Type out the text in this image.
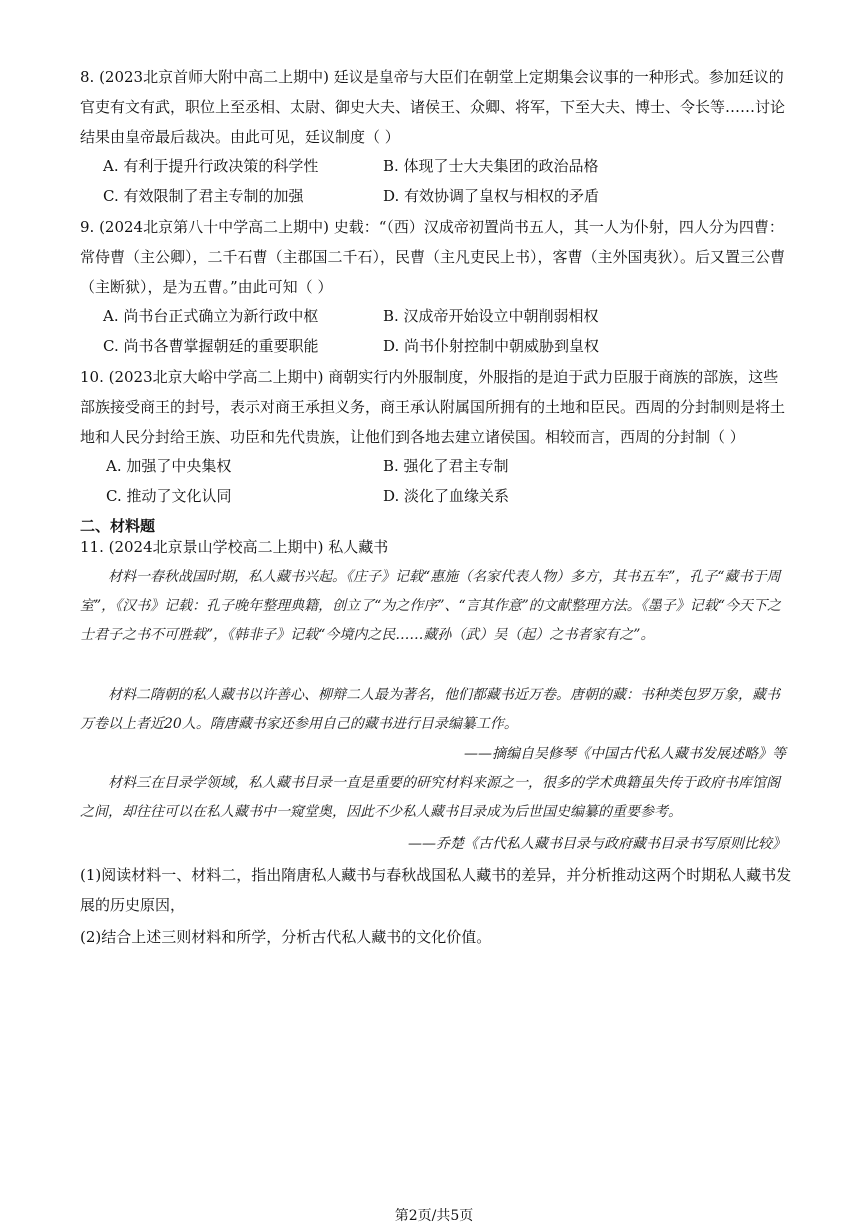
8. (2023北京首师大附中高二上期中) 廷议是皇帝与大臣们在朝堂上定期集会议事的一种形式。参加廷议的官吏有文有武，职位上至丞相、太尉、御史大夫、诸侯王、众卿、将军，下至大夫、博士、令长等……讨论结果由皇帝最后裁决。由此可见，廷议制度（ ）

A. 有利于提升行政决策的科学性	B. 体现了士大夫集团的政治品格
C. 有效限制了君主专制的加强	D. 有效协调了皇权与相权的矛盾

9. (2024北京第八十中学高二上期中) 史载：“（西）汉成帝初置尚书五人，其一人为仆射，四人分为四曹：常侍曹（主公卿），二千石曹（主郡国二千石），民曹（主凡吏民上书），客曹（主外国夷狄）。后又置三公曹（主断狱），是为五曹。”由此可知（ ）

A. 尚书台正式确立为新行政中枢	B. 汉成帝开始设立中朝削弱相权
C. 尚书各曹掌握朝廷的重要职能	D. 尚书仆射控制中朝威胁到皇权

10. (2023北京大峪中学高二上期中) 商朝实行内外服制度，外服指的是迫于武力臣服于商族的部族，这些部族接受商王的封号，表示对商王承担义务，商王承认附属国所拥有的土地和臣民。西周的分封制则是将土地和人民分封给王族、功臣和先代贵族，让他们到各地去建立诸侯国。相较而言，西周的分封制（ ）

A. 加强了中央集权	B. 强化了君主专制
C. 推动了文化认同	D. 淡化了血缘关系
二、材料题

11. (2024北京景山学校高二上期中) 私人藏书

材料一春秋战国时期，私人藏书兴起。《庄子》记载“惠施（名家代表人物）多方，其书五车”，孔子“藏书于周室”，《汉书》记载：孔子晚年整理典籍，创立了“为之作序”、“言其作意”的文献整理方法。《墨子》记载“今天下之士君子之书不可胜载”，《韩非子》记载“今境内之民……藏孙（武）吴（起）之书者家有之”。

材料二隋朝的私人藏书以许善心、柳辩二人最为著名，他们都藏书近万卷。唐朝的藏：书种类包罗万象，藏书万卷以上者近20人。隋唐藏书家还参用自己的藏书进行目录编纂工作。

——摘编自吴修琴《中国古代私人藏书发展述略》等

材料三在目录学领域，私人藏书目录一直是重要的研究材料来源之一，很多的学术典籍虽失传于政府书库馆阁之间，却往往可以在私人藏书中一窥堂奥，因此不少私人藏书目录成为后世国史编纂的重要参考。

——乔楚《古代私人藏书目录与政府藏书目录书写原则比较》

(1)阅读材料一、材料二，指出隋唐私人藏书与春秋战国私人藏书的差异，并分析推动这两个时期私人藏书发展的历史原因，

(2)结合上述三则材料和所学，分析古代私人藏书的文化价值。

第2页/共5页
